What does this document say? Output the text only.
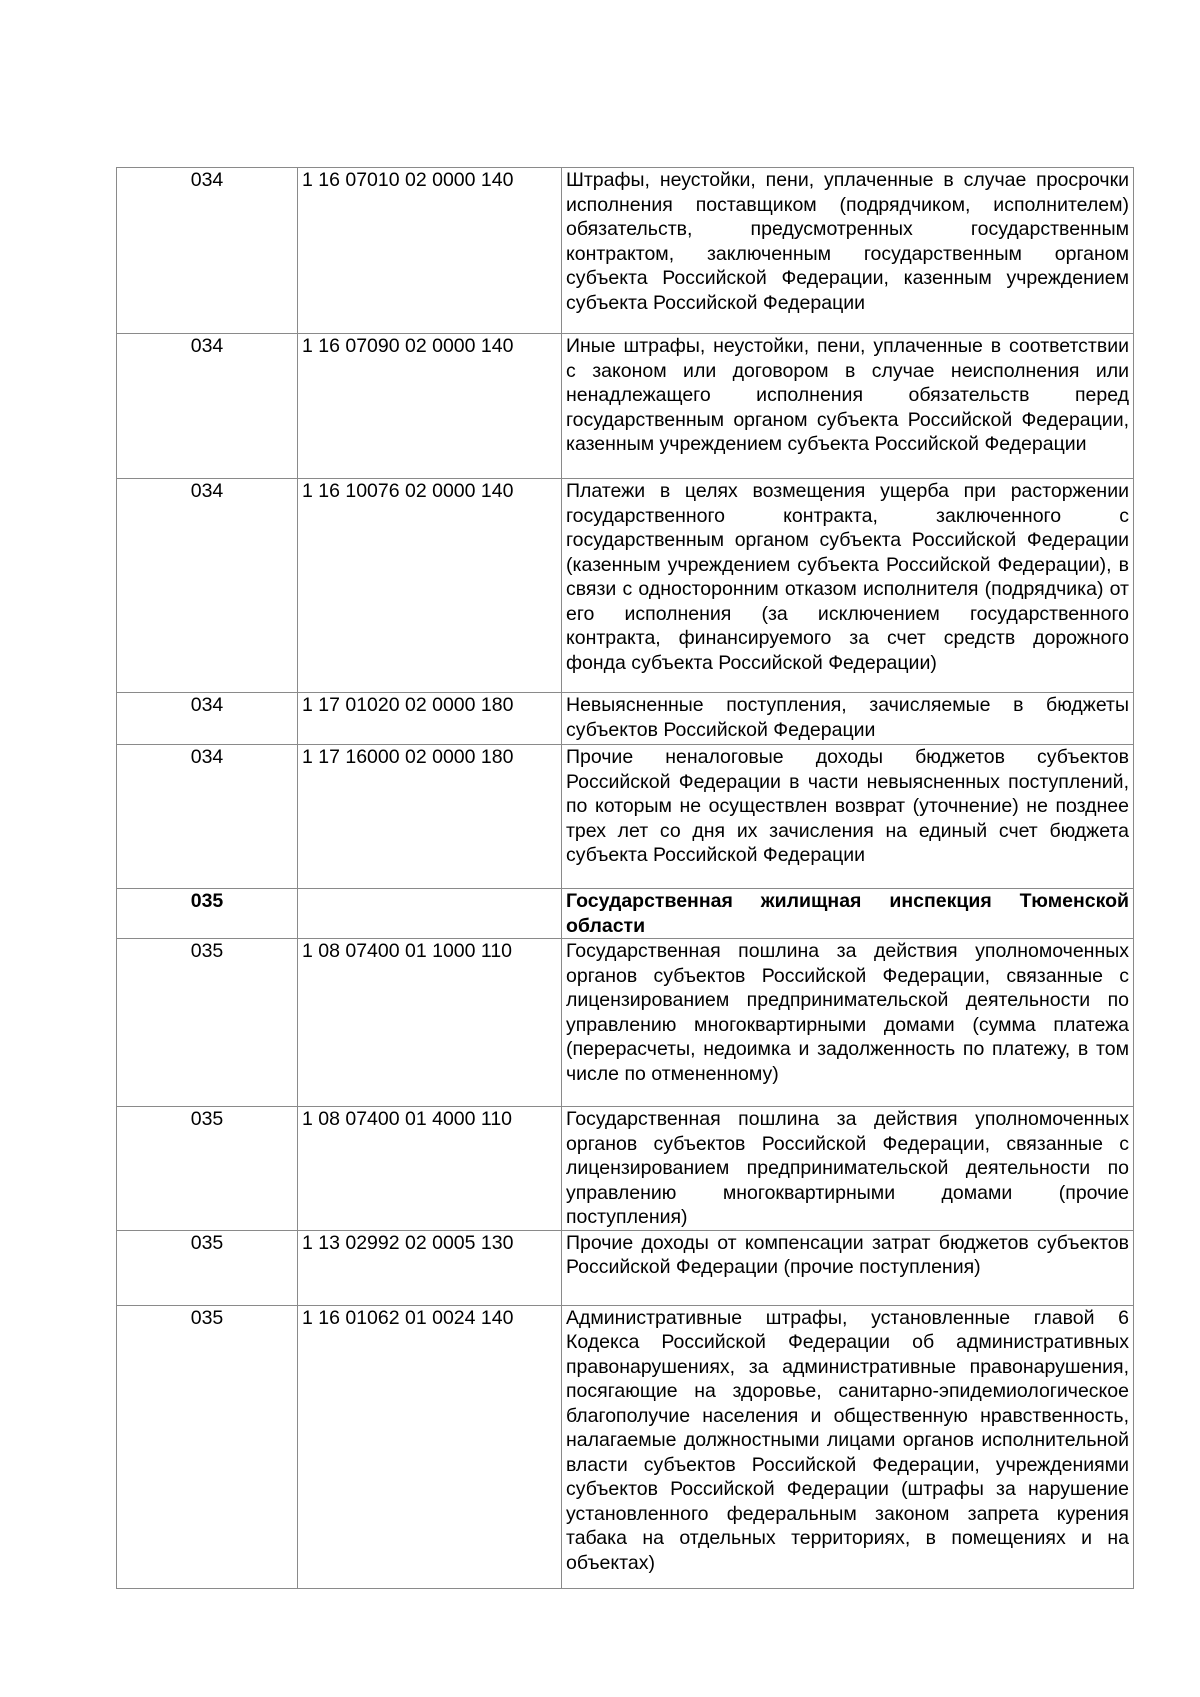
034	1 16 07010 02 0000 140	Штрафы, неустойки, пени, уплаченные в случае просрочки исполнения поставщиком (подрядчиком, исполнителем) обязательств, предусмотренных государственным контрактом, заключенным государственным органом субъекта Российской Федерации, казенным учреждением субъекта Российской Федерации
034	1 16 07090 02 0000 140	Иные штрафы, неустойки, пени, уплаченные в соответствии с законом или договором в случае неисполнения или ненадлежащего исполнения обязательств перед государственным органом субъекта Российской Федерации, казенным учреждением субъекта Российской Федерации
034	1 16 10076 02 0000 140	Платежи в целях возмещения ущерба при расторжении государственного контракта, заключенного с государственным органом субъекта Российской Федерации (казенным учреждением субъекта Российской Федерации), в связи с односторонним отказом исполнителя (подрядчика) от его исполнения (за исключением государственного контракта, финансируемого за счет средств дорожного фонда субъекта Российской Федерации)
034	1 17 01020 02 0000 180	Невыясненные поступления, зачисляемые в бюджеты субъектов Российской Федерации
034	1 17 16000 02 0000 180	Прочие неналоговые доходы бюджетов субъектов Российской Федерации в части невыясненных поступлений, по которым не осуществлен возврат (уточнение) не позднее трех лет со дня их зачисления на единый счет бюджета субъекта Российской Федерации
035		Государственная жилищная инспекция Тюменской области
035	1 08 07400 01 1000 110	Государственная пошлина за действия уполномоченных органов субъектов Российской Федерации, связанные с лицензированием предпринимательской деятельности по управлению многоквартирными домами (сумма платежа (перерасчеты, недоимка и задолженность по платежу, в том числе по отмененному)
035	1 08 07400 01 4000 110	Государственная пошлина за действия уполномоченных органов субъектов Российской Федерации, связанные с лицензированием предпринимательской деятельности по управлению многоквартирными домами (прочие поступления)
035	1 13 02992 02 0005 130	Прочие доходы от компенсации затрат бюджетов субъектов Российской Федерации (прочие поступления)
035	1 16 01062 01 0024 140	Административные штрафы, установленные главой 6 Кодекса Российской Федерации об административных правонарушениях, за административные правонарушения, посягающие на здоровье, санитарно-эпидемиологическое благополучие населения и общественную нравственность, налагаемые должностными лицами органов исполнительной власти субъектов Российской Федерации, учреждениями субъектов Российской Федерации (штрафы за нарушение установленного федеральным законом запрета курения табака на отдельных территориях, в помещениях и на объектах)
